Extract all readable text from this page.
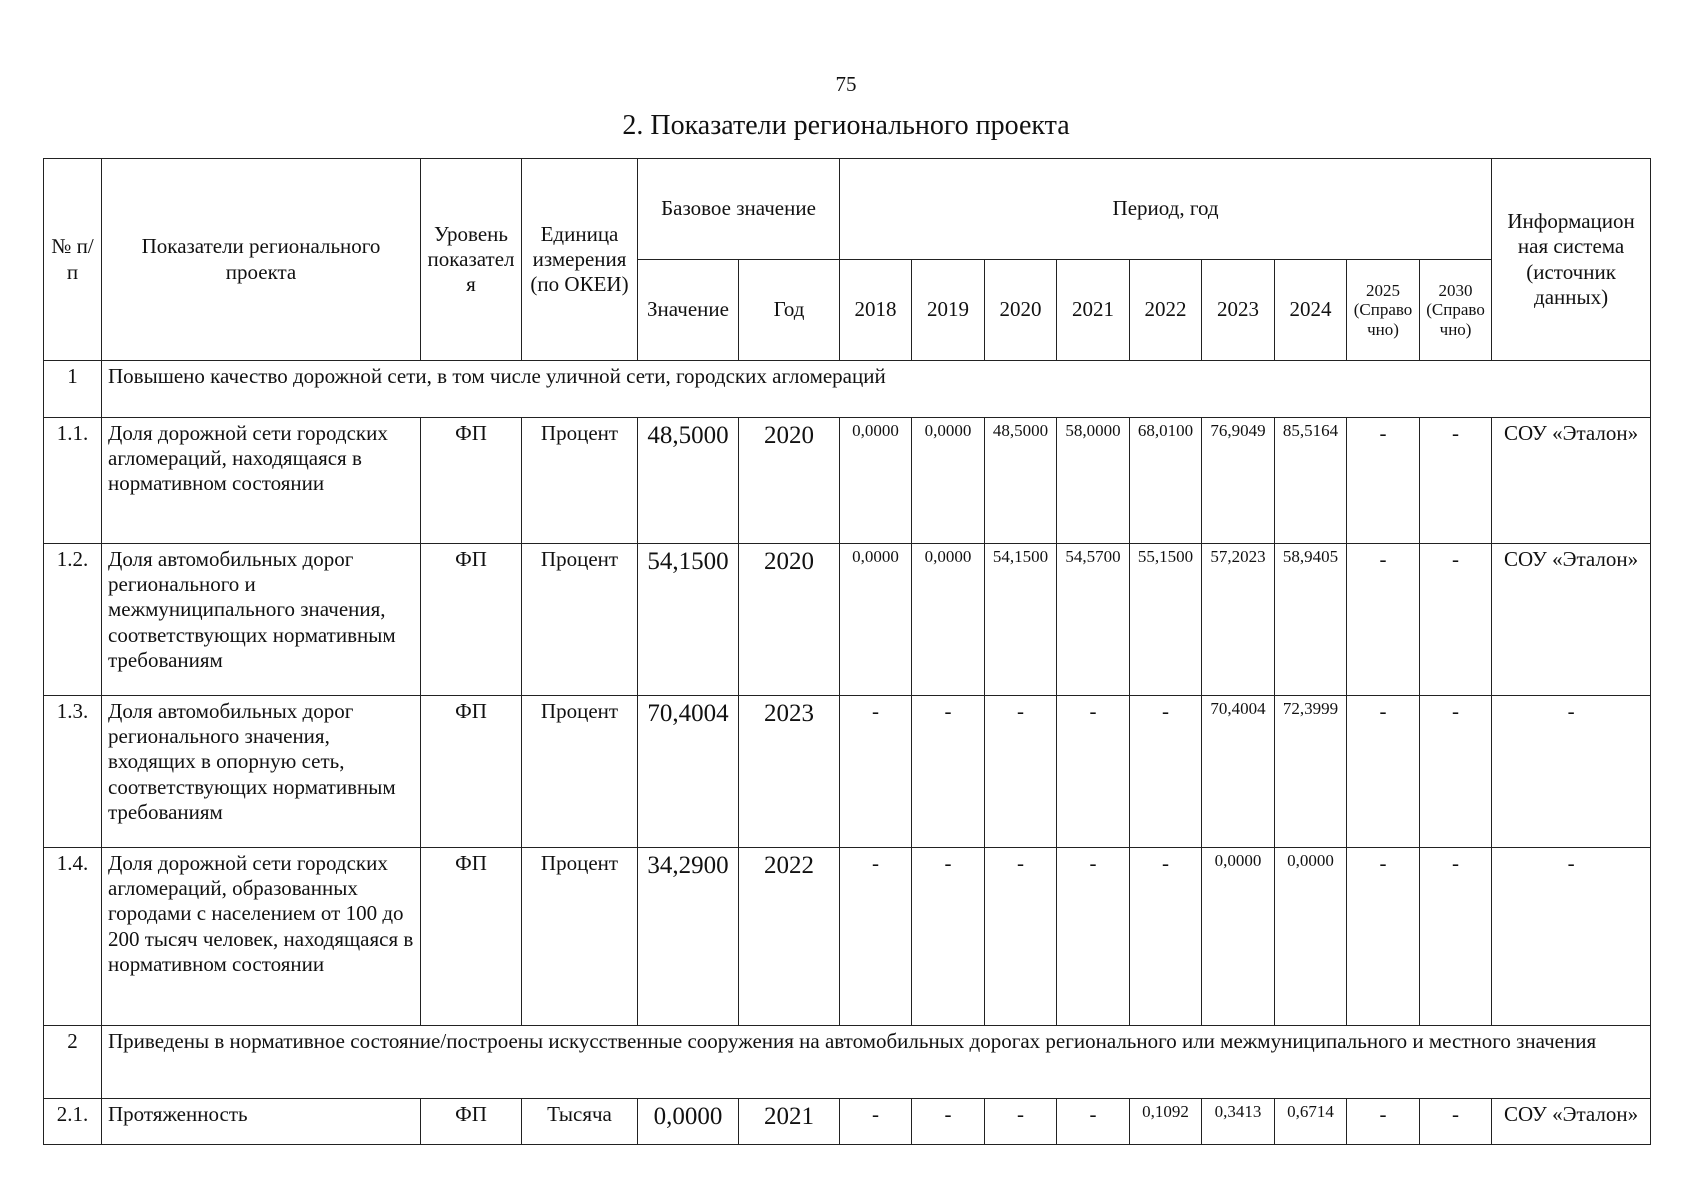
75
2. Показатели регионального проекта
№ п/п	Показатели регионального проекта	Уровень показател я	Единица измерения (по ОКЕИ)	Базовое значение		Период, год									Информацион ная система (источник данных)
				Значение	Год	2018	2019	2020	2021	2022	2023	2024	2025 (Справо чно)	2030 (Справо чно)	
1	Повышено качество дорожной сети, в том числе уличной сети, городских агломераций														
1.1.	Доля дорожной сети городских агломераций, находящаяся в нормативном состоянии	ФП	Процент	48,5000	2020	0,0000	0,0000	48,5000	58,0000	68,0100	76,9049	85,5164	-	-	СОУ «Эталон»
1.2.	Доля автомобильных дорог регионального и межмуниципального значения, соответствующих нормативным требованиям	ФП	Процент	54,1500	2020	0,0000	0,0000	54,1500	54,5700	55,1500	57,2023	58,9405	-	-	СОУ «Эталон»
1.3.	Доля автомобильных дорог регионального значения, входящих в опорную сеть, соответствующих нормативным требованиям	ФП	Процент	70,4004	2023	-	-	-	-	-	70,4004	72,3999	-	-	-
1.4.	Доля дорожной сети городских агломераций, образованных городами с населением от 100 до 200 тысяч человек, находящаяся в нормативном состоянии	ФП	Процент	34,2900	2022	-	-	-	-	-	0,0000	0,0000	-	-	-
2	Приведены в нормативное состояние/построены искусственные сооружения на автомобильных дорогах регионального или межмуниципального и местного значения														
2.1.	Протяженность	ФП	Тысяча	0,0000	2021	-	-	-	-	0,1092	0,3413	0,6714	-	-	СОУ «Эталон»
